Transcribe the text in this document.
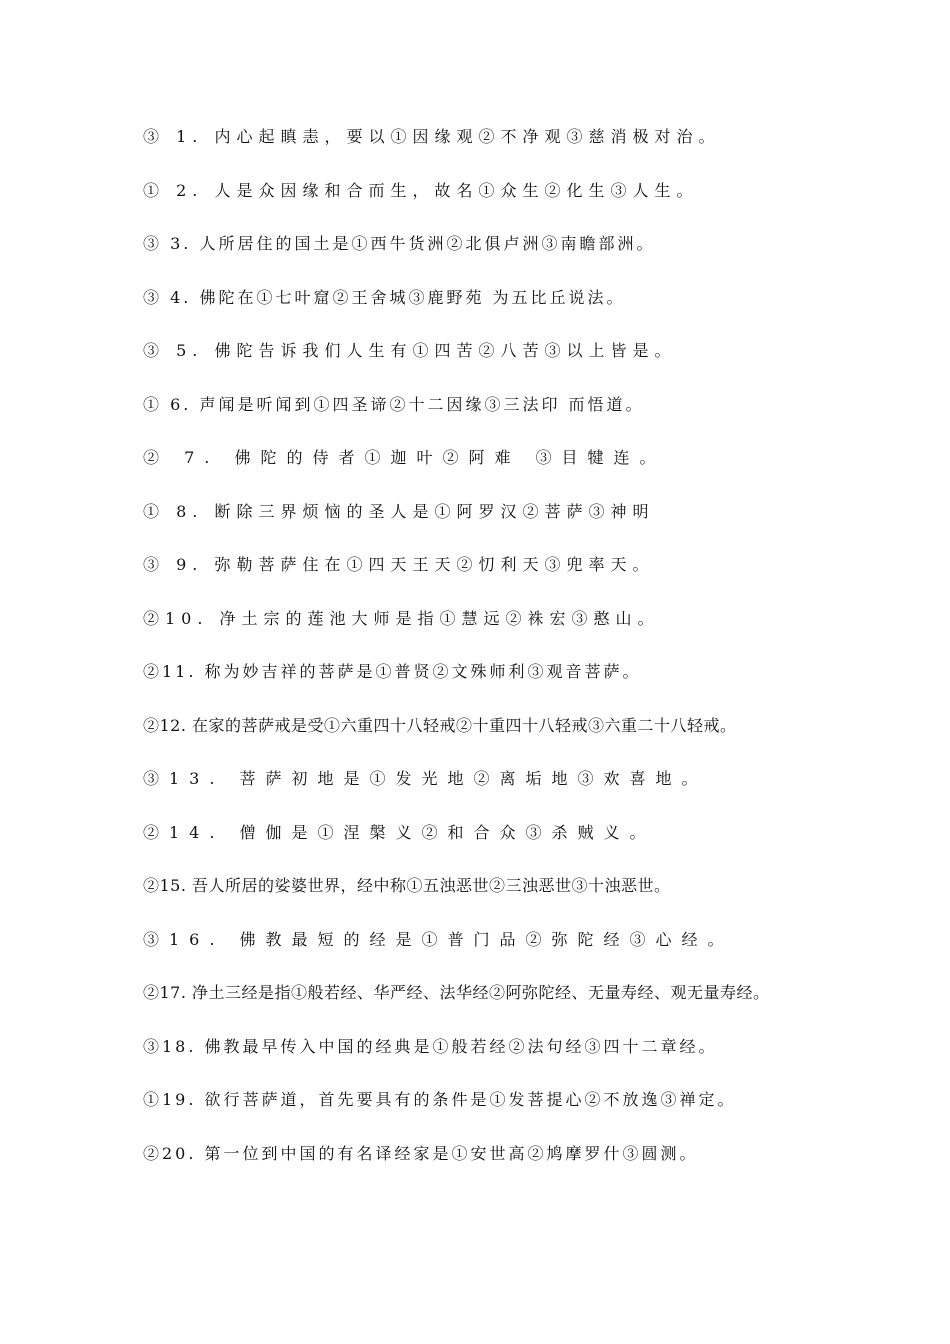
③ 1. 内心起瞋恚，要以①因缘观②不净观③慈消极对治。
① 2. 人是众因缘和合而生，故名①众生②化生③人生。
③ 3. 人所居住的国土是①西牛货洲②北俱卢洲③南瞻部洲。
③ 4. 佛陀在①七叶窟②王舍城③鹿野苑 为五比丘说法。
③ 5. 佛陀告诉我们人生有①四苦②八苦③以上皆是。
① 6. 声闻是听闻到①四圣谛②十二因缘③三法印 而悟道。
② 7. 佛陀的侍者①迦叶②阿难 ③目犍连。
① 8. 断除三界烦恼的圣人是①阿罗汉②菩萨③神明
③ 9. 弥勒菩萨住在①四天王天②忉利天③兜率天。
②10. 净土宗的莲池大师是指①慧远②袾宏③憨山。
②11. 称为妙吉祥的菩萨是①普贤②文殊师利③观音菩萨。
②12. 在家的菩萨戒是受①六重四十八轻戒②十重四十八轻戒③六重二十八轻戒。
③13. 菩萨初地是①发光地②离垢地③欢喜地。
②14. 僧伽是①涅槃义②和合众③杀贼义。
②15. 吾人所居的娑婆世界，经中称①五浊恶世②三浊恶世③十浊恶世。
③16. 佛教最短的经是①普门品②弥陀经③心经。
②17. 净土三经是指①般若经、华严经、法华经②阿弥陀经、无量寿经、观无量寿经。
③18. 佛教最早传入中国的经典是①般若经②法句经③四十二章经。
①19. 欲行菩萨道，首先要具有的条件是①发菩提心②不放逸③禅定。
②20. 第一位到中国的有名译经家是①安世高②鸠摩罗什③圆测。
